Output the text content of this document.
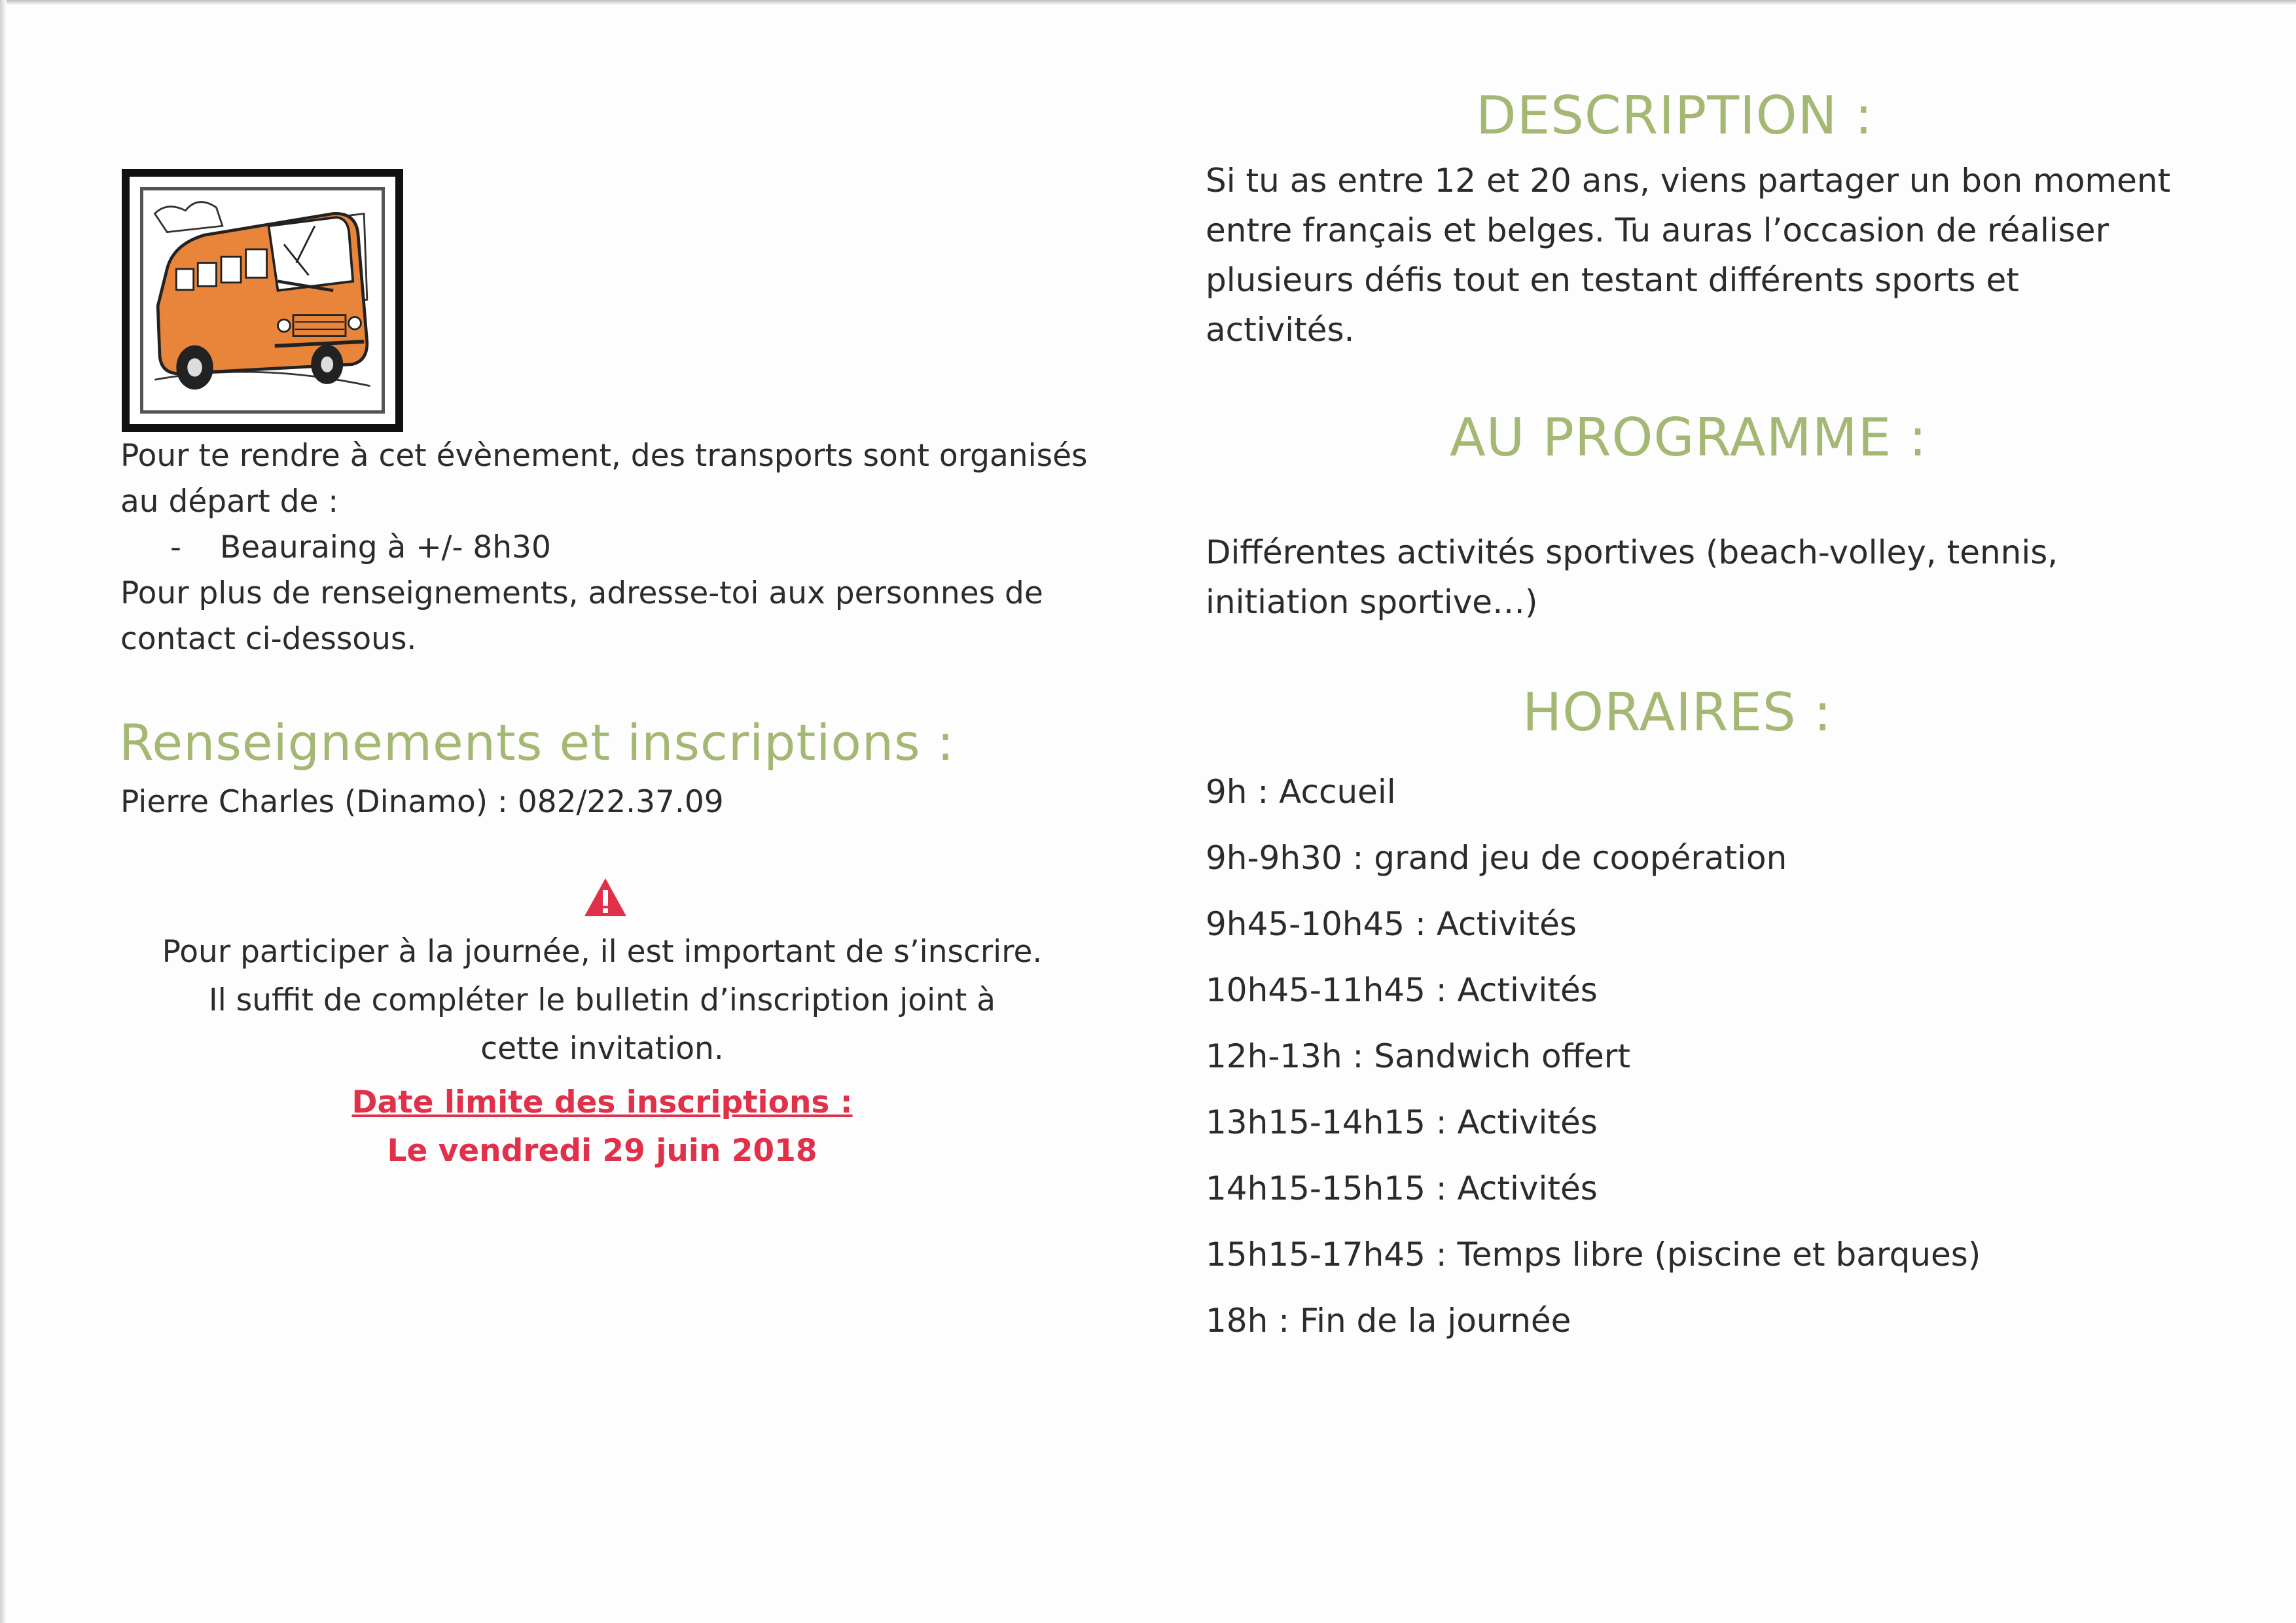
Pour te rendre à cet évènement, des transports sont organisés

au départ de :

- Beauraing à +/- 8h30

Pour plus de renseignements, adresse-toi aux personnes de

contact ci-dessous.

Renseignements et inscriptions :
Pierre Charles (Dinamo) : 082/22.37.09

Pour participer à la journée, il est important de s’inscrire.

Il suffit de compléter le bulletin d’inscription joint à

cette invitation.

Date limite des inscriptions :

Le vendredi 29 juin 2018

DESCRIPTION :

Si tu as entre 12 et 20 ans, viens partager un bon moment

entre français et belges. Tu auras l’occasion de réaliser

plusieurs défis tout en testant différents sports et

activités.

AU PROGRAMME :

Différentes activités sportives (beach-volley, tennis,

initiation sportive…)

HORAIRES :
9h : Accueil
9h-9h30 : grand jeu de coopération
9h45-10h45 : Activités
10h45-11h45 : Activités
12h-13h : Sandwich offert
13h15-14h15 : Activités
14h15-15h15 : Activités
15h15-17h45 : Temps libre (piscine et barques)
18h : Fin de la journée
